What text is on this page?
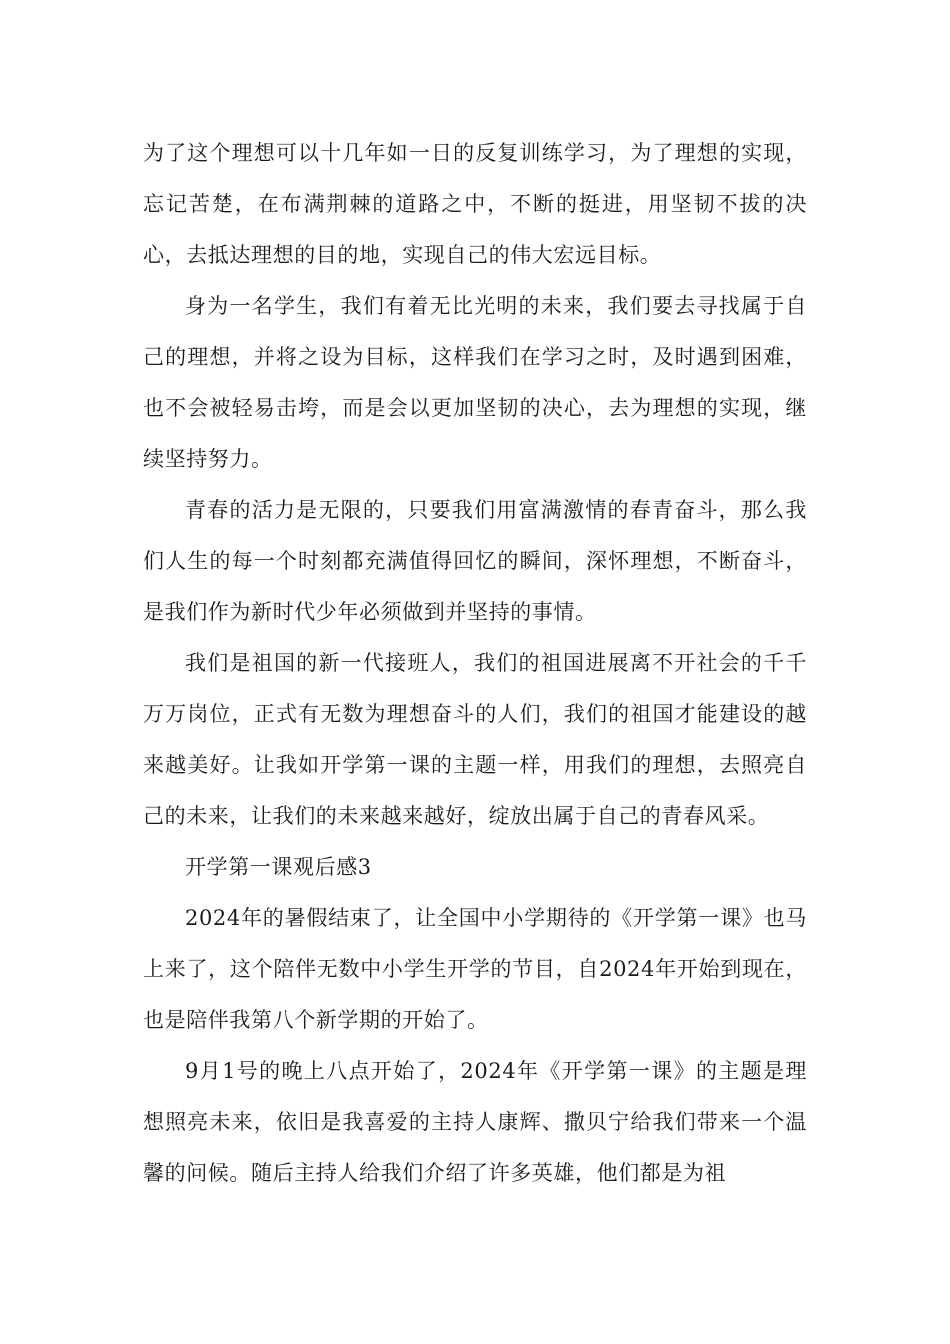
为了这个理想可以十几年如一日的反复训练学习，为了理想的实现，忘记苦楚，在布满荆棘的道路之中，不断的挺进，用坚韧不拔的决心，去抵达理想的目的地，实现自己的伟大宏远目标。

身为一名学生，我们有着无比光明的未来，我们要去寻找属于自己的理想，并将之设为目标，这样我们在学习之时，及时遇到困难，也不会被轻易击垮，而是会以更加坚韧的决心，去为理想的实现，继续坚持努力。

青春的活力是无限的，只要我们用富满激情的春青奋斗，那么我们人生的每一个时刻都充满值得回忆的瞬间，深怀理想，不断奋斗，是我们作为新时代少年必须做到并坚持的事情。

我们是祖国的新一代接班人，我们的祖国进展离不开社会的千千万万岗位，正式有无数为理想奋斗的人们，我们的祖国才能建设的越来越美好。让我如开学第一课的主题一样，用我们的理想，去照亮自己的未来，让我们的未来越来越好，绽放出属于自己的青春风采。

开学第一课观后感3

2024年的暑假结束了，让全国中小学期待的《开学第一课》也马上来了，这个陪伴无数中小学生开学的节目，自2024年开始到现在，也是陪伴我第八个新学期的开始了。

9月1号的晚上八点开始了，2024年《开学第一课》的主题是理想照亮未来，依旧是我喜爱的主持人康辉、撒贝宁给我们带来一个温馨的问候。随后主持人给我们介绍了许多英雄，他们都是为祖
